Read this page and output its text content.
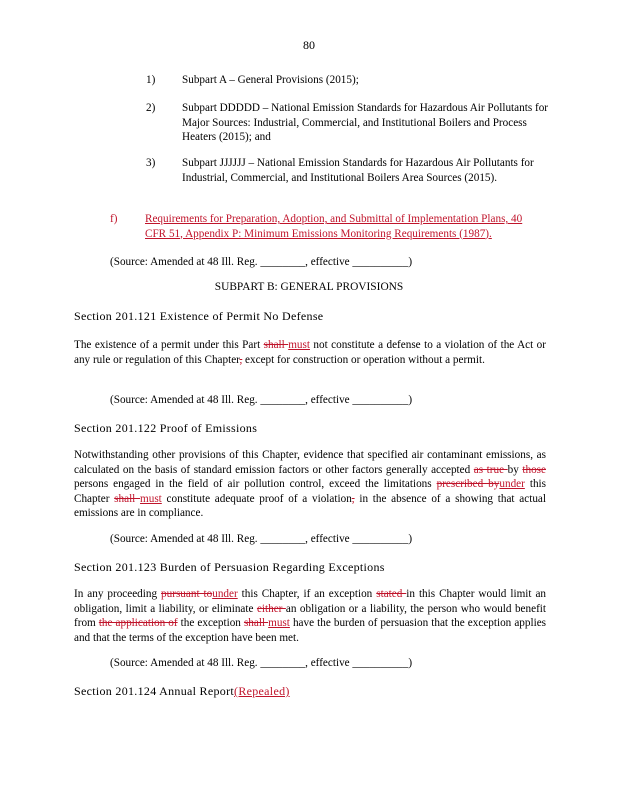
80
1) Subpart A – General Provisions (2015);
2) Subpart DDDDD – National Emission Standards for Hazardous Air Pollutants for Major Sources: Industrial, Commercial, and Institutional Boilers and Process Heaters (2015); and
3) Subpart JJJJJJ – National Emission Standards for Hazardous Air Pollutants for Industrial, Commercial, and Institutional Boilers Area Sources (2015).
f) Requirements for Preparation, Adoption, and Submittal of Implementation Plans, 40 CFR 51, Appendix P: Minimum Emissions Monitoring Requirements (1987).
(Source: Amended at 48 Ill. Reg. ________, effective __________)
SUBPART B: GENERAL PROVISIONS
Section 201.121 Existence of Permit No Defense
The existence of a permit under this Part shall must not constitute a defense to a violation of the Act or any rule or regulation of this Chapter, except for construction or operation without a permit.
(Source: Amended at 48 Ill. Reg. ________, effective __________)
Section 201.122 Proof of Emissions
Notwithstanding other provisions of this Chapter, evidence that specified air contaminant emissions, as calculated on the basis of standard emission factors or other factors generally accepted as true by those persons engaged in the field of air pollution control, exceed the limitations prescribed byunder this Chapter shall must constitute adequate proof of a violation, in the absence of a showing that actual emissions are in compliance.
(Source: Amended at 48 Ill. Reg. ________, effective __________)
Section 201.123 Burden of Persuasion Regarding Exceptions
In any proceeding pursuant tounder this Chapter, if an exception stated in this Chapter would limit an obligation, limit a liability, or eliminate either an obligation or a liability, the person who would benefit from the application of the exception shall must have the burden of persuasion that the exception applies and that the terms of the exception have been met.
(Source: Amended at 48 Ill. Reg. ________, effective __________)
Section 201.124 Annual Report(Repealed)
